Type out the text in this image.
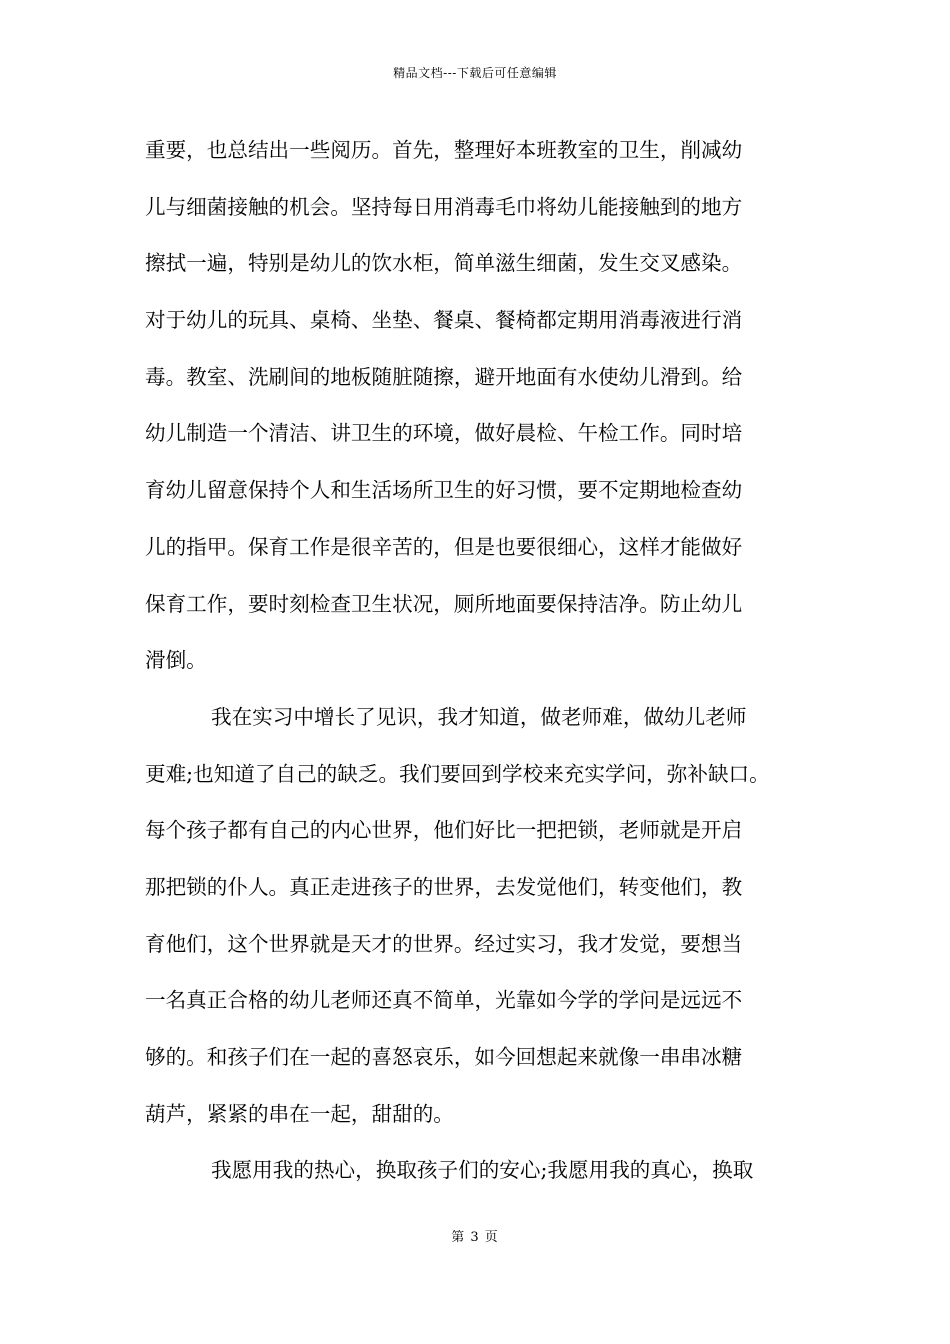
精品文档---下载后可任意编辑
重要，也总结出一些阅历。首先，整理好本班教室的卫生，削减幼
儿与细菌接触的机会。坚持每日用消毒毛巾将幼儿能接触到的地方
擦拭一遍，特别是幼儿的饮水柜，简单滋生细菌，发生交叉感染。
对于幼儿的玩具、桌椅、坐垫、餐桌、餐椅都定期用消毒液进行消
毒。教室、洗刷间的地板随脏随擦，避开地面有水使幼儿滑到。给
幼儿制造一个清洁、讲卫生的环境，做好晨检、午检工作。同时培
育幼儿留意保持个人和生活场所卫生的好习惯，要不定期地检查幼
儿的指甲。保育工作是很辛苦的，但是也要很细心，这样才能做好
保育工作，要时刻检查卫生状况，厕所地面要保持洁净。防止幼儿
滑倒。
我在实习中增长了见识，我才知道，做老师难，做幼儿老师
更难;也知道了自己的缺乏。我们要回到学校来充实学问，弥补缺口。
每个孩子都有自己的内心世界，他们好比一把把锁，老师就是开启
那把锁的仆人。真正走进孩子的世界，去发觉他们，转变他们，教
育他们，这个世界就是天才的世界。经过实习，我才发觉，要想当
一名真正合格的幼儿老师还真不简单，光靠如今学的学问是远远不
够的。和孩子们在一起的喜怒哀乐，如今回想起来就像一串串冰糖
葫芦，紧紧的串在一起，甜甜的。
我愿用我的热心，换取孩子们的安心;我愿用我的真心，换取
第 3 页
